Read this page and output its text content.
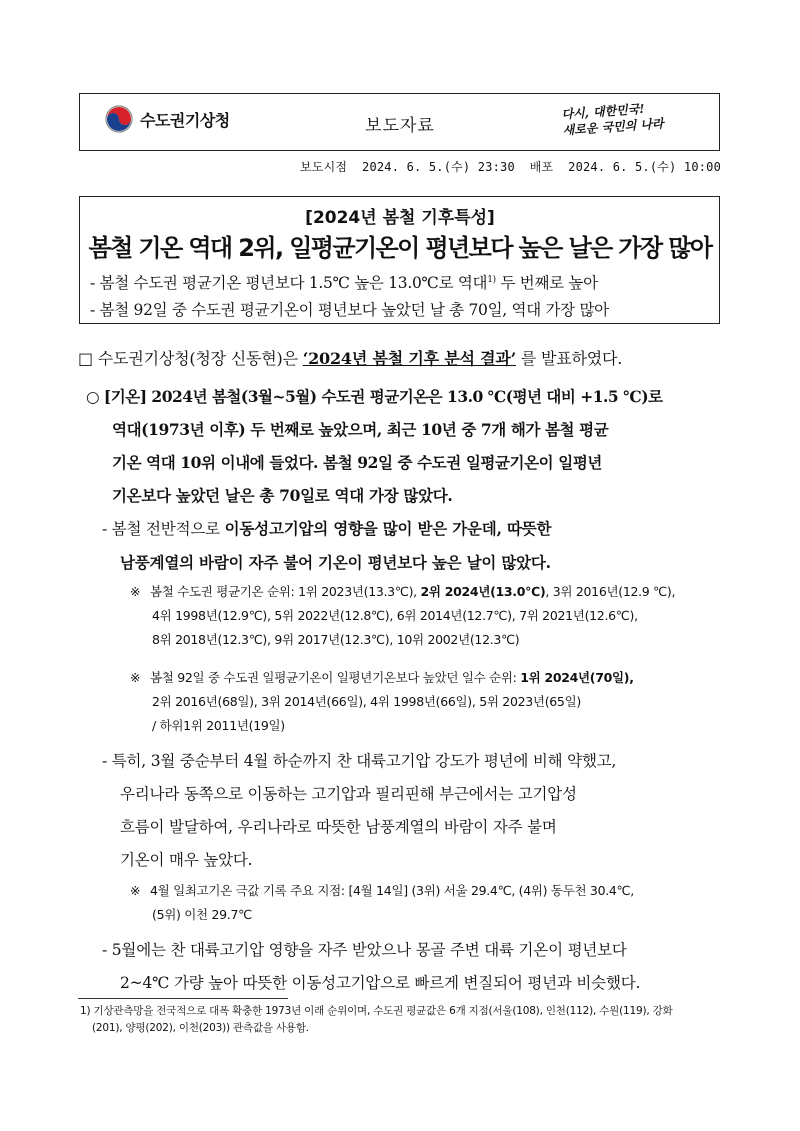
수도권기상청	보도자료
다시, 대한민국!
새로운 국민의 나라
보도시점  2024. 6. 5.(수) 23:30  배포  2024. 6. 5.(수) 10:00
[2024년 봄철 기후특성]
봄철 기온 역대 2위, 일평균기온이 평년보다 높은 날은 가장 많아
- 봄철 수도권 평균기온 평년보다 1.5℃ 높은 13.0℃로 역대$^{1)}$ 두 번째로 높아
- 봄철 92일 중 수도권 평균기온이 평년보다 높았던 날 총 70일, 역대 가장 많아
□ 수도권기상청(청장 신동현)은 ‘2024년 봄철 기후 분석 결과’ 를 발표하였다.
○ [기온] 2024년 봄철(3월~5월) 수도권 평균기온은 13.0 ℃(평년 대비 +1.5 ℃)로
역대(1973년 이후) 두 번째로 높았으며, 최근 10년 중 7개 해가 봄철 평균
기온 역대 10위 이내에 들었다. 봄철 92일 중 수도권 일평균기온이 일평년
기온보다 높았던 날은 총 70일로 역대 가장 많았다.
- 봄철 전반적으로 이동성고기압의 영향을 많이 받은 가운데, 따뜻한
남풍계열의 바람이 자주 불어 기온이 평년보다 높은 날이 많았다.
※ 봄철 수도권 평균기온 순위: 1위 2023년(13.3℃), 2위 2024년(13.0℃), 3위 2016년(12.9 ℃),
4위 1998년(12.9℃), 5위 2022년(12.8℃), 6위 2014년(12.7℃), 7위 2021년(12.6℃),
8위 2018년(12.3℃), 9위 2017년(12.3℃), 10위 2002년(12.3℃)
※ 봄철 92일 중 수도권 일평균기온이 일평년기온보다 높았던 일수 순위: 1위 2024년(70일),
2위 2016년(68일), 3위 2014년(66일), 4위 1998년(66일), 5위 2023년(65일)
/ 하위1위 2011년(19일)
- 특히, 3월 중순부터 4월 하순까지 찬 대륙고기압 강도가 평년에 비해 약했고,
우리나라 동쪽으로 이동하는 고기압과 필리핀해 부근에서는 고기압성
흐름이 발달하여, 우리나라로 따뜻한 남풍계열의 바람이 자주 불며
기온이 매우 높았다.
※ 4월 일최고기온 극값 기록 주요 지점: [4월 14일] (3위) 서울 29.4℃, (4위) 동두천 30.4℃,
(5위) 이천 29.7℃
- 5월에는 찬 대륙고기압 영향을 자주 받았으나 몽골 주변 대륙 기온이 평년보다
2~4℃ 가량 높아 따뜻한 이동성고기압으로 빠르게 변질되어 평년과 비슷했다.
1) 기상관측망을 전국적으로 대폭 확충한 1973년 이래 순위이며, 수도권 평균값은 6개 지점(서울(108), 인천(112), 수원(119), 강화
(201), 양평(202), 이천(203)) 관측값을 사용함.
